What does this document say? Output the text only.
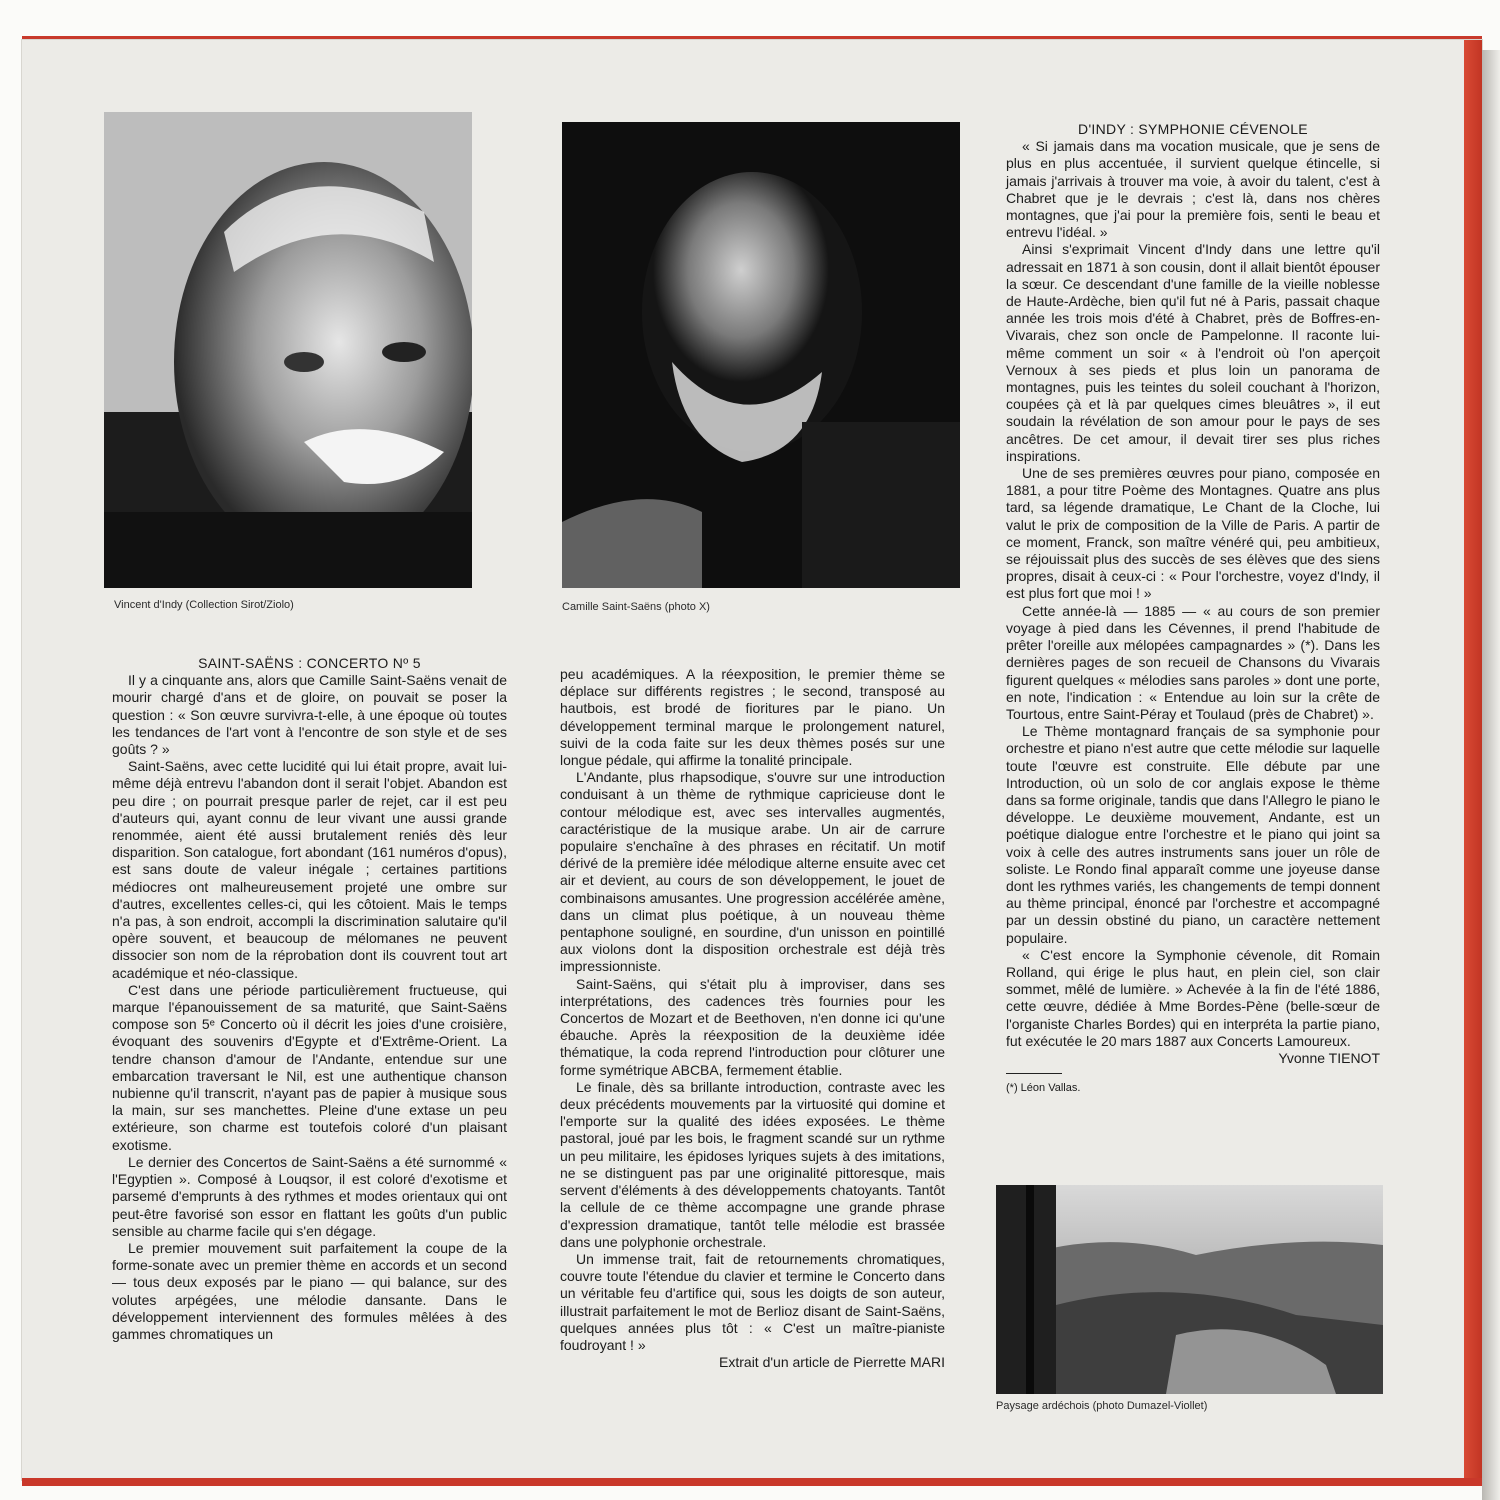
Vincent d'Indy (Collection Sirot/Ziolo)	Camille Saint-Saëns (photo X)
Paysage ardéchois (photo Dumazel-Viollet)

SAINT-SAËNS : CONCERTO Nº 5

Il y a cinquante ans, alors que Camille Saint-Saëns venait de mourir chargé d'ans et de gloire, on pouvait se poser la question : « Son œuvre survivra-t-elle, à une époque où toutes les tendances de l'art vont à l'encontre de son style et de ses goûts ? »

Saint-Saëns, avec cette lucidité qui lui était propre, avait lui-même déjà entrevu l'abandon dont il serait l'objet. Abandon est peu dire ; on pourrait presque parler de rejet, car il est peu d'auteurs qui, ayant connu de leur vivant une aussi grande renommée, aient été aussi brutalement reniés dès leur disparition. Son catalogue, fort abondant (161 numéros d'opus), est sans doute de valeur inégale ; certaines partitions médiocres ont malheureusement projeté une ombre sur d'autres, excellentes celles-ci, qui les côtoient. Mais le temps n'a pas, à son endroit, accompli la discrimination salutaire qu'il opère souvent, et beaucoup de mélomanes ne peuvent dissocier son nom de la réprobation dont ils couvrent tout art académique et néo-classique.

C'est dans une période particulièrement fructueuse, qui marque l'épanouissement de sa maturité, que Saint-Saëns compose son 5ᵉ Concerto où il décrit les joies d'une croisière, évoquant des souvenirs d'Egypte et d'Extrême-Orient. La tendre chanson d'amour de l'Andante, entendue sur une embarcation traversant le Nil, est une authentique chanson nubienne qu'il transcrit, n'ayant pas de papier à musique sous la main, sur ses manchettes. Pleine d'une extase un peu extérieure, son charme est toutefois coloré d'un plaisant exotisme.

Le dernier des Concertos de Saint-Saëns a été surnommé « l'Egyptien ». Composé à Louqsor, il est coloré d'exotisme et parsemé d'emprunts à des rythmes et modes orientaux qui ont peut-être favorisé son essor en flattant les goûts d'un public sensible au charme facile qui s'en dégage.

Le premier mouvement suit parfaitement la coupe de la forme-sonate avec un premier thème en accords et un second — tous deux exposés par le piano — qui balance, sur des volutes arpégées, une mélodie dansante. Dans le développement interviennent des formules mêlées à des gammes chromatiques un

peu académiques. A la réexposition, le premier thème se déplace sur différents registres ; le second, transposé au hautbois, est brodé de fioritures par le piano. Un développement terminal marque le prolongement naturel, suivi de la coda faite sur les deux thèmes posés sur une longue pédale, qui affirme la tonalité principale.

L'Andante, plus rhapsodique, s'ouvre sur une introduction conduisant à un thème de rythmique capricieuse dont le contour mélodique est, avec ses intervalles augmentés, caractéristique de la musique arabe. Un air de carrure populaire s'enchaîne à des phrases en récitatif. Un motif dérivé de la première idée mélodique alterne ensuite avec cet air et devient, au cours de son développement, le jouet de combinaisons amusantes. Une progression accélérée amène, dans un climat plus poétique, à un nouveau thème pentaphone souligné, en sourdine, d'un unisson en pointillé aux violons dont la disposition orchestrale est déjà très impressionniste.

Saint-Saëns, qui s'était plu à improviser, dans ses interprétations, des cadences très fournies pour les Concertos de Mozart et de Beethoven, n'en donne ici qu'une ébauche. Après la réexposition de la deuxième idée thématique, la coda reprend l'introduction pour clôturer une forme symétrique ABCBA, fermement établie.

Le finale, dès sa brillante introduction, contraste avec les deux précédents mouvements par la virtuosité qui domine et l'emporte sur la qualité des idées exposées. Le thème pastoral, joué par les bois, le fragment scandé sur un rythme un peu militaire, les épidoses lyriques sujets à des imitations, ne se distinguent pas par une originalité pittoresque, mais servent d'éléments à des développements chatoyants. Tantôt la cellule de ce thème accompagne une grande phrase d'expression dramatique, tantôt telle mélodie est brassée dans une polyphonie orchestrale.

Un immense trait, fait de retournements chromatiques, couvre toute l'étendue du clavier et termine le Concerto dans un véritable feu d'artifice qui, sous les doigts de son auteur, illustrait parfaitement le mot de Berlioz disant de Saint-Saëns, quelques années plus tôt : « C'est un maître-pianiste foudroyant ! »

Extrait d'un article de Pierrette MARI

D'INDY : SYMPHONIE CÉVENOLE

« Si jamais dans ma vocation musicale, que je sens de plus en plus accentuée, il survient quelque étincelle, si jamais j'arrivais à trouver ma voie, à avoir du talent, c'est à Chabret que je le devrais ; c'est là, dans nos chères montagnes, que j'ai pour la première fois, senti le beau et entrevu l'idéal. »

Ainsi s'exprimait Vincent d'Indy dans une lettre qu'il adressait en 1871 à son cousin, dont il allait bientôt épouser la sœur. Ce descendant d'une famille de la vieille noblesse de Haute-Ardèche, bien qu'il fut né à Paris, passait chaque année les trois mois d'été à Chabret, près de Boffres-en-Vivarais, chez son oncle de Pampelonne. Il raconte lui-même comment un soir « à l'endroit où l'on aperçoit Vernoux à ses pieds et plus loin un panorama de montagnes, puis les teintes du soleil couchant à l'horizon, coupées çà et là par quelques cimes bleuâtres », il eut soudain la révélation de son amour pour le pays de ses ancêtres. De cet amour, il devait tirer ses plus riches inspirations.

Une de ses premières œuvres pour piano, composée en 1881, a pour titre Poème des Montagnes. Quatre ans plus tard, sa légende dramatique, Le Chant de la Cloche, lui valut le prix de composition de la Ville de Paris. A partir de ce moment, Franck, son maître vénéré qui, peu ambitieux, se réjouissait plus des succès de ses élèves que des siens propres, disait à ceux-ci : « Pour l'orchestre, voyez d'Indy, il est plus fort que moi ! »

Cette année-là — 1885 — « au cours de son premier voyage à pied dans les Cévennes, il prend l'habitude de prêter l'oreille aux mélopées campagnardes » (*). Dans les dernières pages de son recueil de Chansons du Vivarais figurent quelques « mélodies sans paroles » dont une porte, en note, l'indication : « Entendue au loin sur la crête de Tourtous, entre Saint-Péray et Toulaud (près de Chabret) ».

Le Thème montagnard français de sa symphonie pour orchestre et piano n'est autre que cette mélodie sur laquelle toute l'œuvre est construite. Elle débute par une Introduction, où un solo de cor anglais expose le thème dans sa forme originale, tandis que dans l'Allegro le piano le développe. Le deuxième mouvement, Andante, est un poétique dialogue entre l'orchestre et le piano qui joint sa voix à celle des autres instruments sans jouer un rôle de soliste. Le Rondo final apparaît comme une joyeuse danse dont les rythmes variés, les changements de tempi donnent au thème principal, énoncé par l'orchestre et accompagné par un dessin obstiné du piano, un caractère nettement populaire.

« C'est encore la Symphonie cévenole, dit Romain Rolland, qui érige le plus haut, en plein ciel, son clair sommet, mêlé de lumière. » Achevée à la fin de l'été 1886, cette œuvre, dédiée à Mme Bordes-Pène (belle-sœur de l'organiste Charles Bordes) qui en interpréta la partie piano, fut exécutée le 20 mars 1887 aux Concerts Lamoureux.

Yvonne TIENOT

(*) Léon Vallas.
